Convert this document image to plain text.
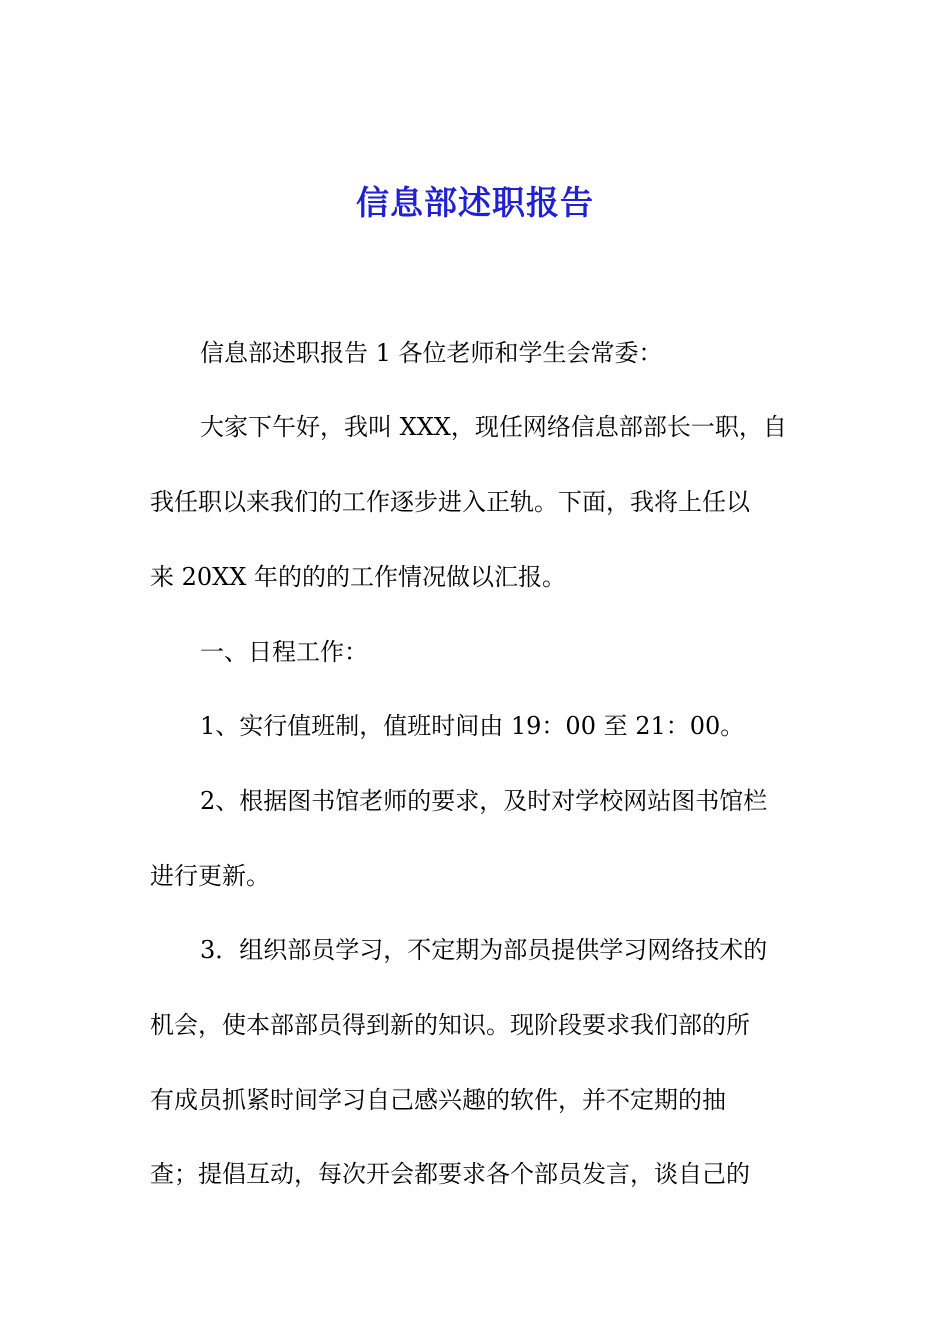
信息部述职报告
信息部述职报告 1 各位老师和学生会常委：
大家下午好，我叫 XXX，现任网络信息部部长一职，自
我任职以来我们的工作逐步进入正轨。下面，我将上任以
来 20XX 年的的的工作情况做以汇报。
一、日程工作：
1、实行值班制，值班时间由 19：00 至 21：00。
2、根据图书馆老师的要求，及时对学校网站图书馆栏
进行更新。
3．组织部员学习，不定期为部员提供学习网络技术的
机会，使本部部员得到新的知识。现阶段要求我们部的所
有成员抓紧时间学习自己感兴趣的软件，并不定期的抽
查；提倡互动，每次开会都要求各个部员发言，谈自己的
